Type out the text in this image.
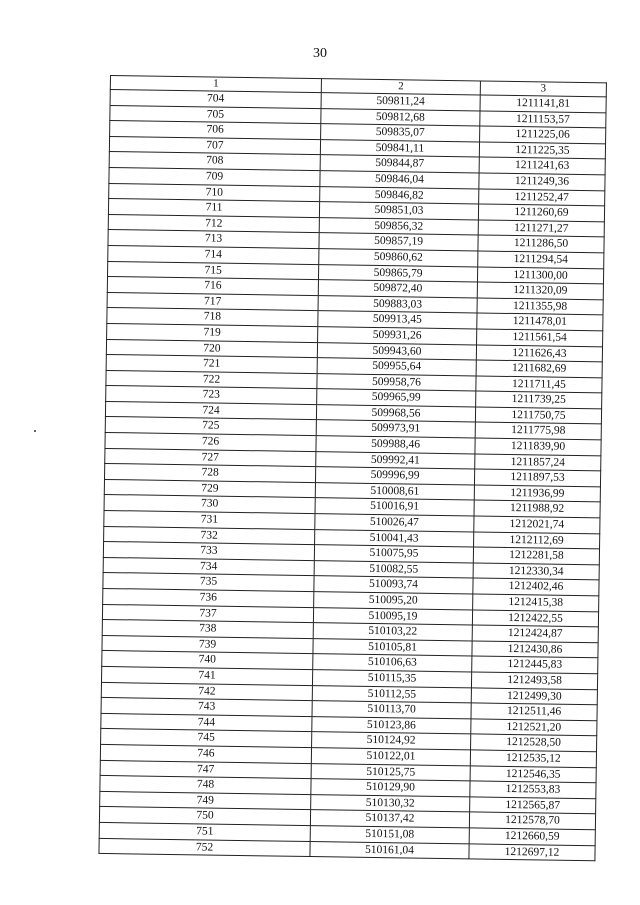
30
1	2	3
704	509811,24	1211141,81
705	509812,68	1211153,57
706	509835,07	1211225,06
707	509841,11	1211225,35
708	509844,87	1211241,63
709	509846,04	1211249,36
710	509846,82	1211252,47
711	509851,03	1211260,69
712	509856,32	1211271,27
713	509857,19	1211286,50
714	509860,62	1211294,54
715	509865,79	1211300,00
716	509872,40	1211320,09
717	509883,03	1211355,98
718	509913,45	1211478,01
719	509931,26	1211561,54
720	509943,60	1211626,43
721	509955,64	1211682,69
722	509958,76	1211711,45
723	509965,99	1211739,25
724	509968,56	1211750,75
725	509973,91	1211775,98
726	509988,46	1211839,90
727	509992,41	1211857,24
728	509996,99	1211897,53
729	510008,61	1211936,99
730	510016,91	1211988,92
731	510026,47	1212021,74
732	510041,43	1212112,69
733	510075,95	1212281,58
734	510082,55	1212330,34
735	510093,74	1212402,46
736	510095,20	1212415,38
737	510095,19	1212422,55
738	510103,22	1212424,87
739	510105,81	1212430,86
740	510106,63	1212445,83
741	510115,35	1212493,58
742	510112,55	1212499,30
743	510113,70	1212511,46
744	510123,86	1212521,20
745	510124,92	1212528,50
746	510122,01	1212535,12
747	510125,75	1212546,35
748	510129,90	1212553,83
749	510130,32	1212565,87
750	510137,42	1212578,70
751	510151,08	1212660,59
752	510161,04	1212697,12
